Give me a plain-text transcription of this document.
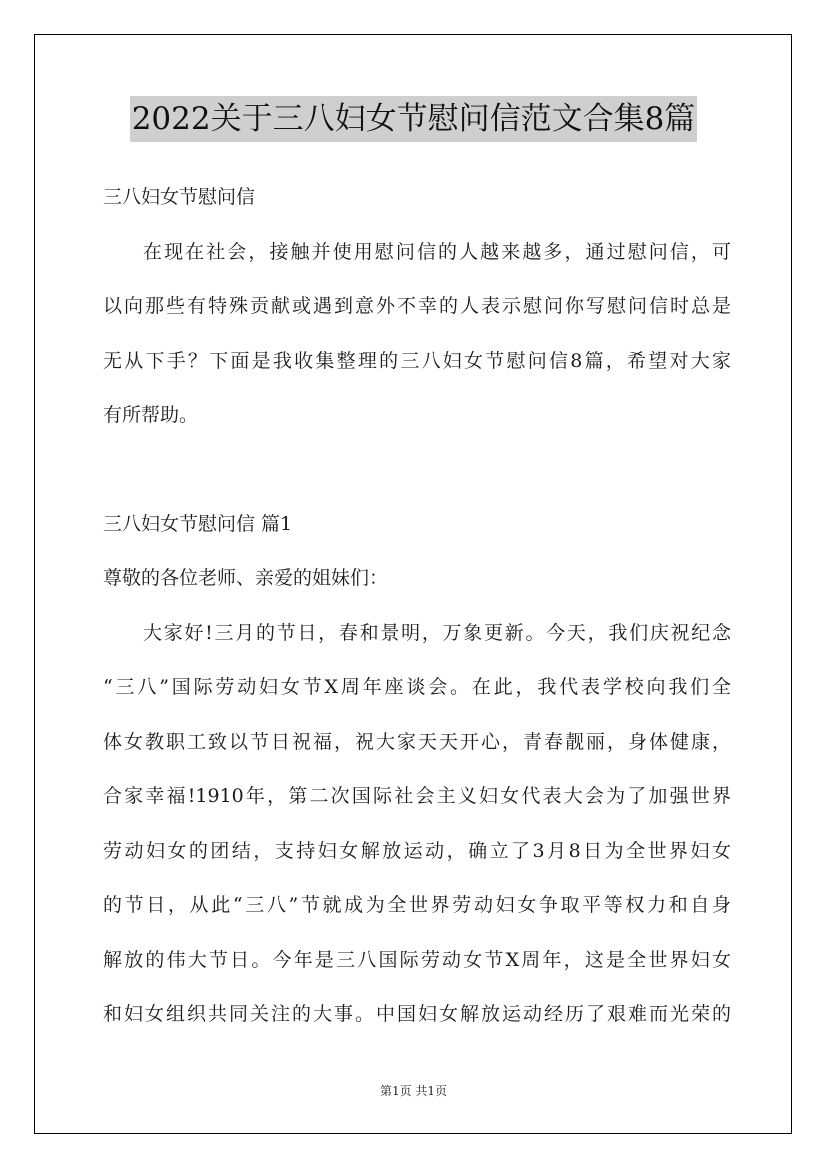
2022关于三八妇女节慰问信范文合集8篇
三八妇女节慰问信
在现在社会，接触并使用慰问信的人越来越多，通过慰问信，可
以向那些有特殊贡献或遇到意外不幸的人表示慰问你写慰问信时总是
无从下手？下面是我收集整理的三八妇女节慰问信8篇，希望对大家
有所帮助。
三八妇女节慰问信 篇1
尊敬的各位老师、亲爱的姐妹们：
大家好!三月的节日，春和景明，万象更新。今天，我们庆祝纪念
“三八”国际劳动妇女节X周年座谈会。在此，我代表学校向我们全
体女教职工致以节日祝福，祝大家天天开心，青春靓丽，身体健康，
合家幸福!1910年，第二次国际社会主义妇女代表大会为了加强世界
劳动妇女的团结，支持妇女解放运动，确立了3月8日为全世界妇女
的节日，从此“三八”节就成为全世界劳动妇女争取平等权力和自身
解放的伟大节日。今年是三八国际劳动女节X周年，这是全世界妇女
和妇女组织共同关注的大事。中国妇女解放运动经历了艰难而光荣的
第1页 共1页
